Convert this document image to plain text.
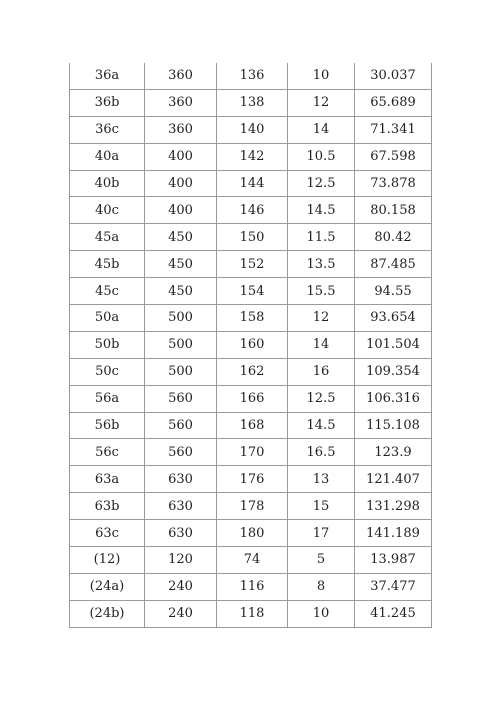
36a	360	136	10	30.037
36b	360	138	12	65.689
36c	360	140	14	71.341
40a	400	142	10.5	67.598
40b	400	144	12.5	73.878
40c	400	146	14.5	80.158
45a	450	150	11.5	80.42
45b	450	152	13.5	87.485
45c	450	154	15.5	94.55
50a	500	158	12	93.654
50b	500	160	14	101.504
50c	500	162	16	109.354
56a	560	166	12.5	106.316
56b	560	168	14.5	115.108
56c	560	170	16.5	123.9
63a	630	176	13	121.407
63b	630	178	15	131.298
63c	630	180	17	141.189
(12)	120	74	5	13.987
(24a)	240	116	8	37.477
(24b)	240	118	10	41.245
